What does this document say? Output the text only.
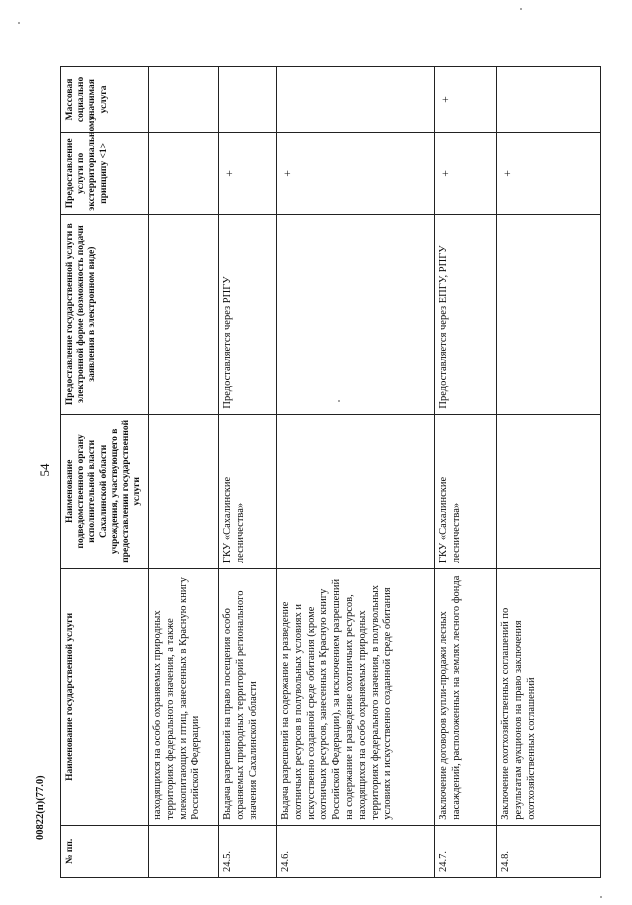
54
№ пп.	Наименование государственной услуги	Наименование подведомственного органу исполнительной власти Сахалинской области учреждения, участвующего в предоставлении государственной услуги	Предоставление государственной услуги в электронной форме (возможность подачи заявления в электронном виде)	Предоставление услуги по экстерриториальному принципу <1>	Массовая социально значимая услуга
	находящихся на особо охраняемых природных территориях федерального значения, а также млекопитающих и птиц, занесенных в Красную книгу Российской Федерации				
24.5.	Выдача разрешений на право посещения особо охраняемых природных территорий регионального значения Сахалинской области	ГКУ «Сахалинские лесничества»	Предоставляется через РПГУ	+	
24.6.	Выдача разрешений на содержание и разведение охотничьих ресурсов в полувольных условиях и искусственно созданной среде обитания (кроме охотничьих ресурсов, занесенных в Красную книгу Российской Федерации), за исключением разрешений на содержание и разведение охотничьих ресурсов, находящихся на особо охраняемых природных территориях федерального значения, в полувольных условиях и искусственно созданной среде обитания			+	
24.7.	Заключение договоров купли-продажи лесных насаждений, расположенных на землях лесного фонда	ГКУ «Сахалинские лесничества»	Предоставляется через ЕПГУ, РПГУ	+	+
24.8.	Заключение охотхозяйственных соглашений по результатам аукционов на право заключения охотхозяйственных соглашений			+	
00822(п)(77.0)
